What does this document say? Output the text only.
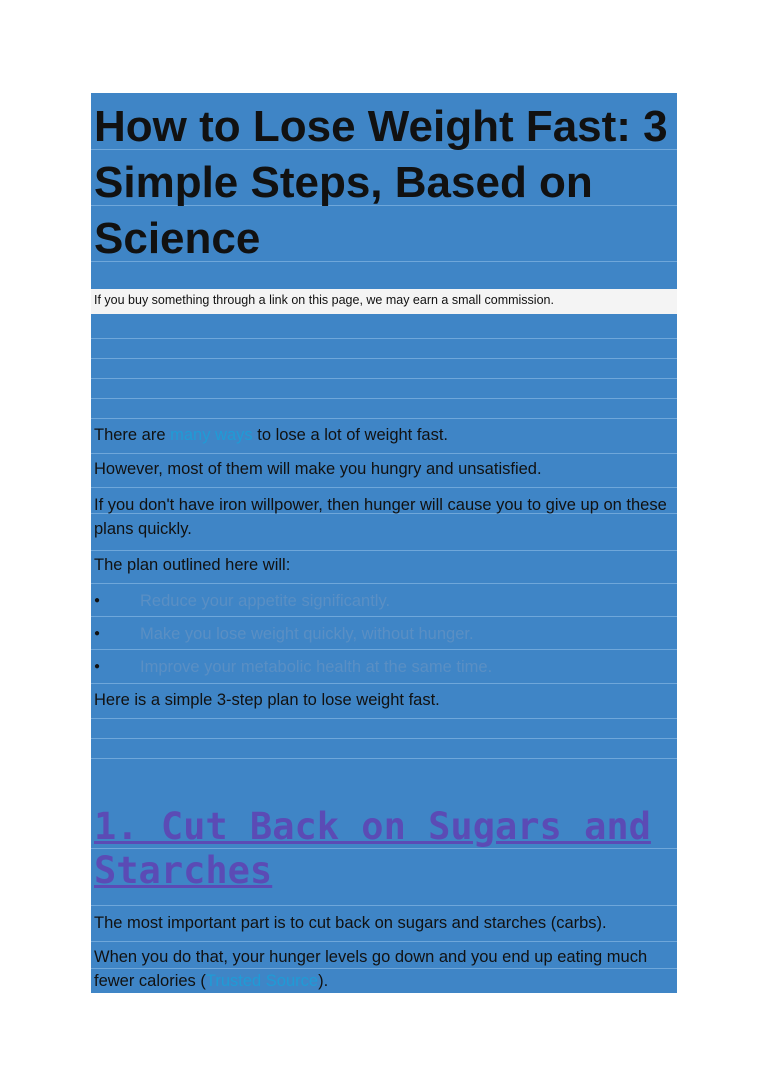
How to Lose Weight Fast: 3 Simple Steps, Based on Science
If you buy something through a link on this page, we may earn a small commission.
There are many ways to lose a lot of weight fast.
However, most of them will make you hungry and unsatisfied.
If you don't have iron willpower, then hunger will cause you to give up on these plans quickly.
The plan outlined here will:
● Reduce your appetite significantly.
● Make you lose weight quickly, without hunger.
● Improve your metabolic health at the same time.
Here is a simple 3-step plan to lose weight fast.
1. Cut Back on Sugars and Starches
The most important part is to cut back on sugars and starches (carbs).
When you do that, your hunger levels go down and you end up eating much fewer calories (Trusted Source).
